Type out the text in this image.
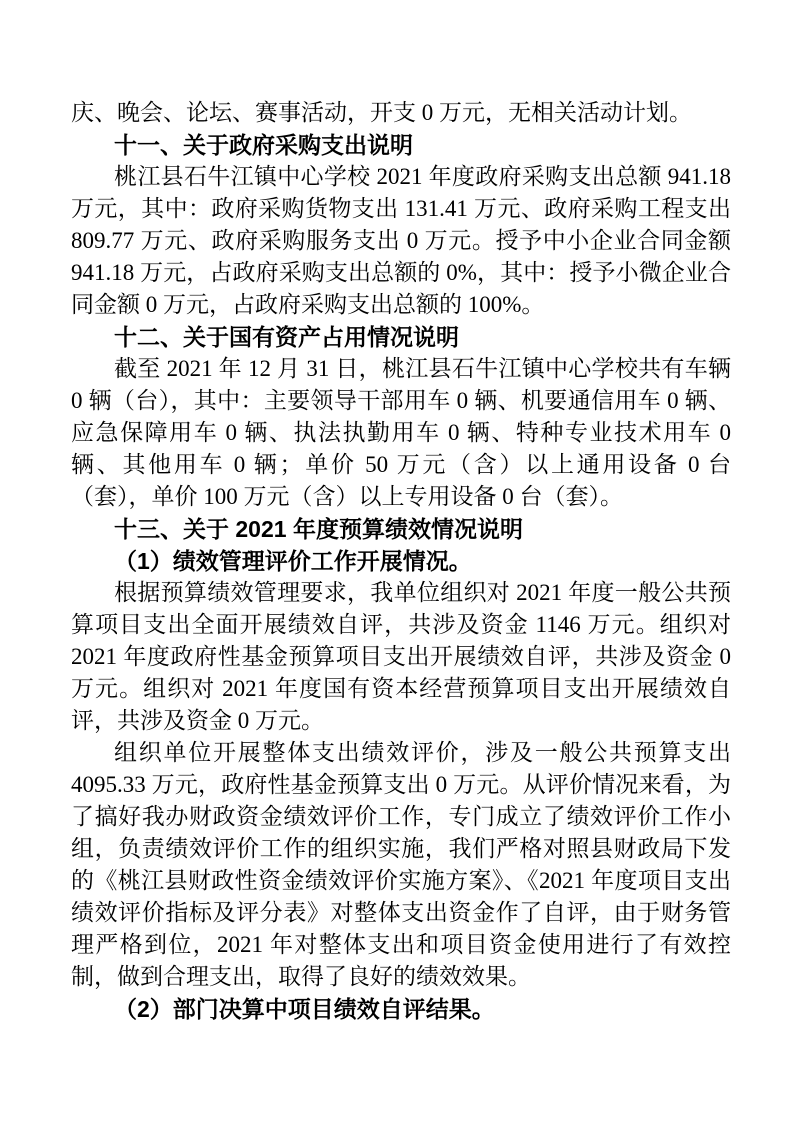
庆、晚会、论坛、赛事活动，开支 0 万元，无相关活动计划。

十一、关于政府采购支出说明

桃江县石牛江镇中心学校 2021 年度政府采购支出总额 941.18 万元，其中：政府采购货物支出 131.41 万元、政府采购工程支出 809.77 万元、政府采购服务支出 0 万元。授予中小企业合同金额 941.18 万元，占政府采购支出总额的 0%，其中：授予小微企业合同金额 0 万元，占政府采购支出总额的 100%。

十二、关于国有资产占用情况说明

截至 2021 年 12 月 31 日，桃江县石牛江镇中心学校共有车辆 0 辆（台），其中：主要领导干部用车 0 辆、机要通信用车 0 辆、应急保障用车 0 辆、执法执勤用车 0 辆、特种专业技术用车 0 辆、其他用车 0 辆；单价 50 万元（含）以上通用设备 0 台（套），单价 100 万元（含）以上专用设备 0 台（套）。

十三、关于 2021 年度预算绩效情况说明

（1）绩效管理评价工作开展情况。

根据预算绩效管理要求，我单位组织对 2021 年度一般公共预算项目支出全面开展绩效自评，共涉及资金 1146 万元。组织对 2021 年度政府性基金预算项目支出开展绩效自评，共涉及资金 0 万元。组织对 2021 年度国有资本经营预算项目支出开展绩效自评，共涉及资金 0 万元。

组织单位开展整体支出绩效评价，涉及一般公共预算支出 4095.33 万元，政府性基金预算支出 0 万元。从评价情况来看，为了搞好我办财政资金绩效评价工作，专门成立了绩效评价工作小组，负责绩效评价工作的组织实施，我们严格对照县财政局下发的《桃江县财政性资金绩效评价实施方案》、《2021 年度项目支出绩效评价指标及评分表》对整体支出资金作了自评，由于财务管理严格到位，2021 年对整体支出和项目资金使用进行了有效控制，做到合理支出，取得了良好的绩效效果。

（2）部门决算中项目绩效自评结果。
